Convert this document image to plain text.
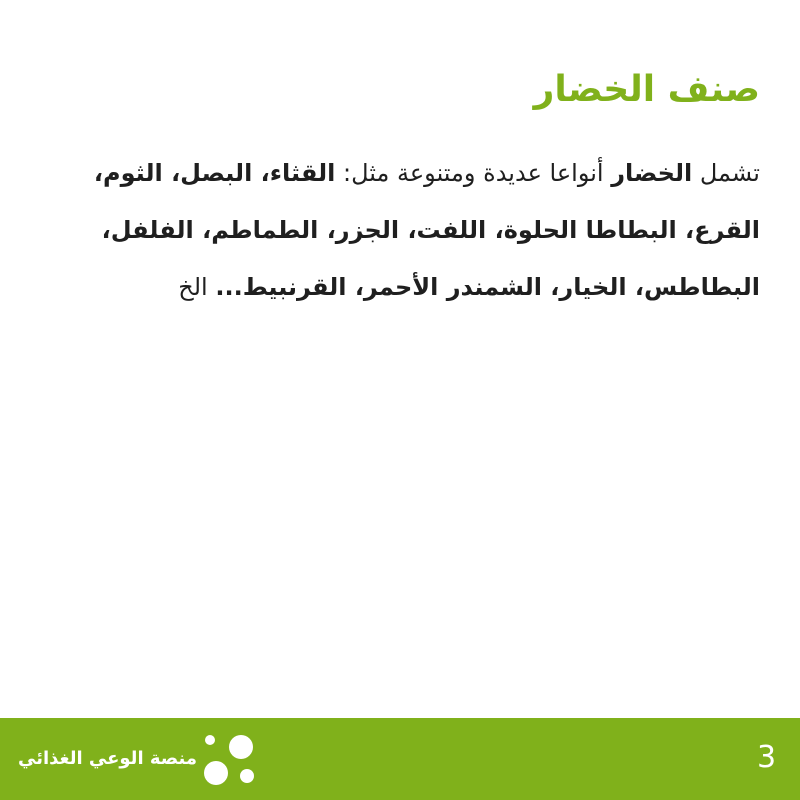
صنف الخضار

تشمل الخضار أنواعا عديدة ومتنوعة مثل: القثاء، البصل، الثوم، القرع، البطاطا الحلوة، اللفت، الجزر، الطماطم، الفلفل، البطاطس، الخيار، الشمندر الأحمر، القرنبيط... الخ

3
منصة الوعي الغذائي
